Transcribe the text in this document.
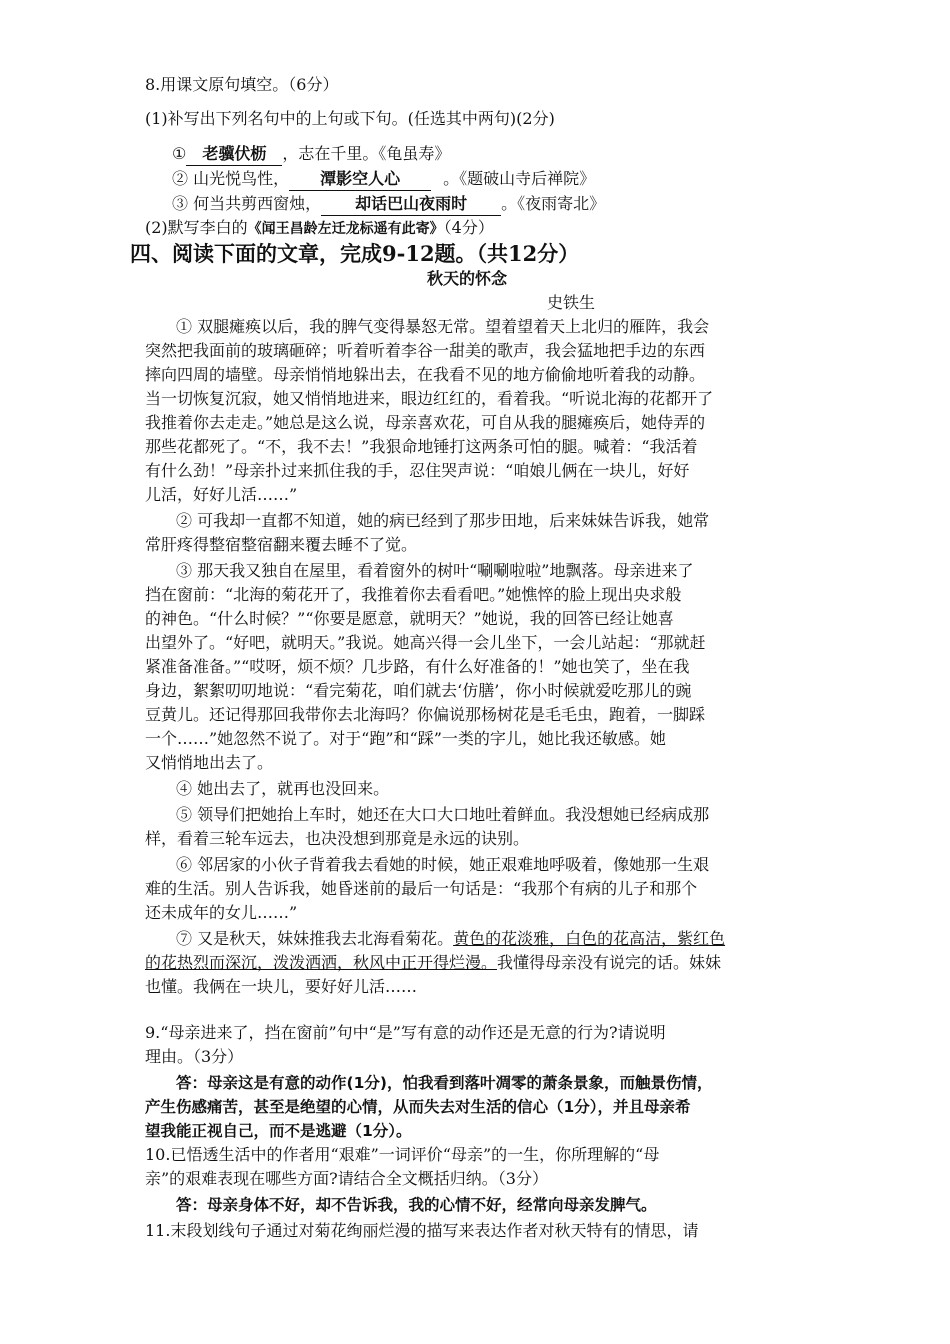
8.用课文原句填空。（6分）
(1)补写出下列名句中的上句或下句。(任选其中两句)(2分)
① 老骥伏枥 ，志在千里。《龟虽寿》
② 山光悦鸟性， 潭影空人心	。《题破山寺后禅院》
③ 何当共剪西窗烛， 却话巴山夜雨时 。《夜雨寄北》
(2)默写李白的《闻王昌龄左迁龙标遥有此寄》（4分）
四、阅读下面的文章，完成9-12题。（共12分）
秋天的怀念
史铁生
① 双腿瘫痪以后，我的脾气变得暴怒无常。望着望着天上北归的雁阵，我会
突然把我面前的玻璃砸碎；听着听着李谷一甜美的歌声，我会猛地把手边的东西
摔向四周的墙壁。母亲悄悄地躲出去，在我看不见的地方偷偷地听着我的动静。
当一切恢复沉寂，她又悄悄地进来，眼边红红的，看着我。“听说北海的花都开了
我推着你去走走。”她总是这么说，母亲喜欢花，可自从我的腿瘫痪后，她侍弄的
那些花都死了。“不，我不去！”我狠命地锤打这两条可怕的腿。喊着：“我活着
有什么劲！”母亲扑过来抓住我的手，忍住哭声说：“咱娘儿俩在一块儿，好好
儿活，好好儿活……”
② 可我却一直都不知道，她的病已经到了那步田地，后来妹妹告诉我，她常
常肝疼得整宿整宿翻来覆去睡不了觉。
③ 那天我又独自在屋里，看着窗外的树叶“唰唰啦啦”地飘落。母亲进来了
挡在窗前：“北海的菊花开了，我推着你去看看吧。”她憔悴的脸上现出央求般
的神色。“什么时候？”“你要是愿意，就明天？”她说，我的回答已经让她喜
出望外了。“好吧，就明天。”我说。她高兴得一会儿坐下，一会儿站起：“那就赶
紧准备准备。”“哎呀，烦不烦？几步路，有什么好准备的！”她也笑了，坐在我
身边，絮絮叨叨地说：“看完菊花，咱们就去‘仿膳’，你小时候就爱吃那儿的豌
豆黄儿。还记得那回我带你去北海吗？你偏说那杨树花是毛毛虫，跑着，一脚踩
一个……”她忽然不说了。对于“跑”和“踩”一类的字儿，她比我还敏感。她
又悄悄地出去了。
④ 她出去了，就再也没回来。
⑤ 领导们把她抬上车时，她还在大口大口地吐着鲜血。我没想她已经病成那
样，看着三轮车远去，也决没想到那竟是永远的诀别。
⑥ 邻居家的小伙子背着我去看她的时候，她正艰难地呼吸着，像她那一生艰
难的生活。别人告诉我，她昏迷前的最后一句话是：“我那个有病的儿子和那个
还未成年的女儿……”
⑦ 又是秋天，妹妹推我去北海看菊花。黄色的花淡雅，白色的花高洁，紫红色
的花热烈而深沉，泼泼洒洒，秋风中正开得烂漫。我懂得母亲没有说完的话。妹妹
也懂。我俩在一块儿，要好好儿活……
9.“母亲进来了，挡在窗前”句中“是”写有意的动作还是无意的行为?请说明
理由。（3分）
答：母亲这是有意的动作(1分)，怕我看到落叶凋零的萧条景象，而触景伤情，
产生伤感痛苦，甚至是绝望的心情，从而失去对生活的信心（1分），并且母亲希
望我能正视自己，而不是逃避（1分）。
10.已悟透生活中的作者用“艰难”一词评价“母亲”的一生，你所理解的“母
亲”的艰难表现在哪些方面?请结合全文概括归纳。（3分）
答：母亲身体不好，却不告诉我，我的心情不好，经常向母亲发脾气。
11.末段划线句子通过对菊花绚丽烂漫的描写来表达作者对秋天特有的情思，请
